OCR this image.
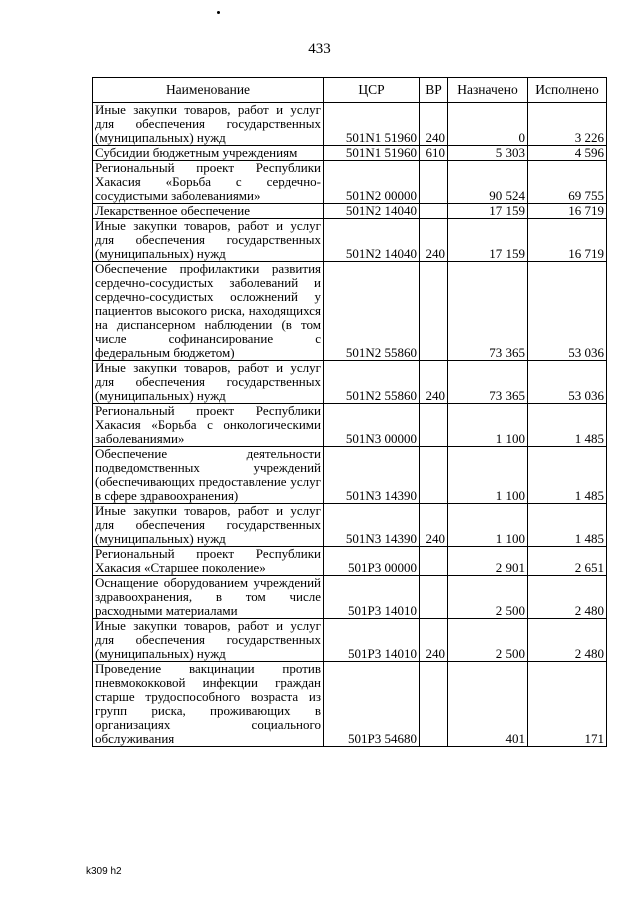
433
Наименование	ЦСР	ВР	Назначено	Исполнено
Иные закупки товаров, работ и услуг для обеспечения государственных (муниципальных) нужд	501N1 51960	240	0	3 226
Субсидии бюджетным учреждениям	501N1 51960	610	5 303	4 596
Региональный проект Республики Хакасия «Борьба с сердечно-сосудистыми заболеваниями»	501N2 00000		90 524	69 755
Лекарственное обеспечение	501N2 14040		17 159	16 719
Иные закупки товаров, работ и услуг для обеспечения государственных (муниципальных) нужд	501N2 14040	240	17 159	16 719
Обеспечение профилактики развития сердечно-сосудистых заболеваний и сердечно-сосудистых осложнений у пациентов высокого риска, находящихся на диспансерном наблюдении (в том числе софинансирование с федеральным бюджетом)	501N2 55860		73 365	53 036
Иные закупки товаров, работ и услуг для обеспечения государственных (муниципальных) нужд	501N2 55860	240	73 365	53 036
Региональный проект Республики Хакасия «Борьба с онкологическими заболеваниями»	501N3 00000		1 100	1 485
Обеспечение деятельности подведомственных учреждений (обеспечивающих предоставление услуг в сфере здравоохранения)	501N3 14390		1 100	1 485
Иные закупки товаров, работ и услуг для обеспечения государственных (муниципальных) нужд	501N3 14390	240	1 100	1 485
Региональный проект Республики Хакасия «Старшее поколение»	501P3 00000		2 901	2 651
Оснащение оборудованием учреждений здравоохранения, в том числе расходными материалами	501P3 14010		2 500	2 480
Иные закупки товаров, работ и услуг для обеспечения государственных (муниципальных) нужд	501P3 14010	240	2 500	2 480
Проведение вакцинации против пневмококковой инфекции граждан старше трудоспособного возраста из групп риска, проживающих в организациях социального обслуживания	501P3 54680		401	171
k309 h2
